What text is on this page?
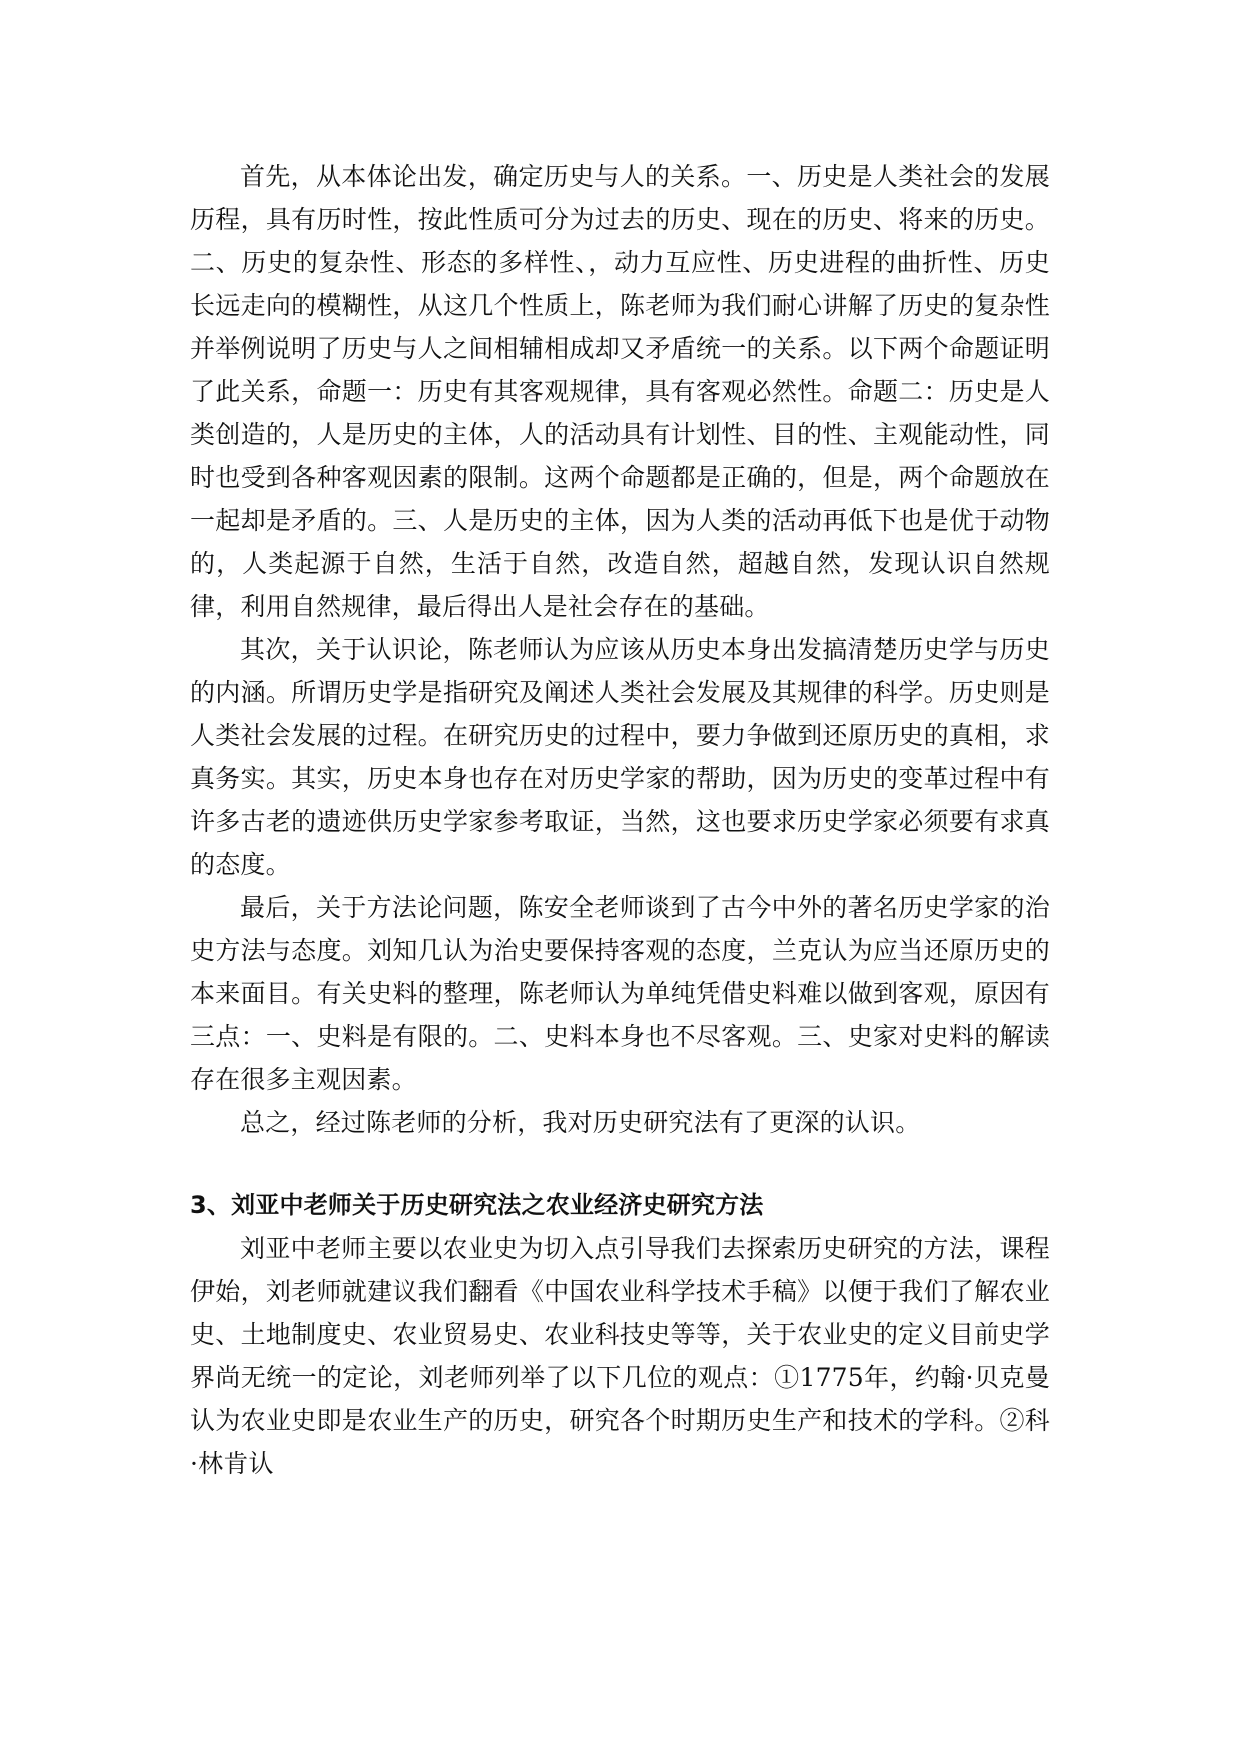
首先，从本体论出发，确定历史与人的关系。一、历史是人类社会的发展历程，具有历时性，按此性质可分为过去的历史、现在的历史、将来的历史。二、历史的复杂性、形态的多样性、，动力互应性、历史进程的曲折性、历史长远走向的模糊性，从这几个性质上，陈老师为我们耐心讲解了历史的复杂性并举例说明了历史与人之间相辅相成却又矛盾统一的关系。以下两个命题证明了此关系，命题一：历史有其客观规律，具有客观必然性。命题二：历史是人类创造的，人是历史的主体，人的活动具有计划性、目的性、主观能动性，同时也受到各种客观因素的限制。这两个命题都是正确的，但是，两个命题放在一起却是矛盾的。三、人是历史的主体，因为人类的活动再低下也是优于动物的，人类起源于自然，生活于自然，改造自然，超越自然，发现认识自然规律，利用自然规律，最后得出人是社会存在的基础。

其次，关于认识论，陈老师认为应该从历史本身出发搞清楚历史学与历史的内涵。所谓历史学是指研究及阐述人类社会发展及其规律的科学。历史则是人类社会发展的过程。在研究历史的过程中，要力争做到还原历史的真相，求真务实。其实，历史本身也存在对历史学家的帮助，因为历史的变革过程中有许多古老的遗迹供历史学家参考取证，当然，这也要求历史学家必须要有求真的态度。

最后，关于方法论问题，陈安全老师谈到了古今中外的著名历史学家的治史方法与态度。刘知几认为治史要保持客观的态度，兰克认为应当还原历史的本来面目。有关史料的整理，陈老师认为单纯凭借史料难以做到客观，原因有三点：一、史料是有限的。二、史料本身也不尽客观。三、史家对史料的解读存在很多主观因素。

总之，经过陈老师的分析，我对历史研究法有了更深的认识。

3、刘亚中老师关于历史研究法之农业经济史研究方法

刘亚中老师主要以农业史为切入点引导我们去探索历史研究的方法，课程伊始，刘老师就建议我们翻看《中国农业科学技术手稿》以便于我们了解农业史、土地制度史、农业贸易史、农业科技史等等，关于农业史的定义目前史学界尚无统一的定论，刘老师列举了以下几位的观点：①1775年，约翰·贝克曼认为农业史即是农业生产的历史，研究各个时期历史生产和技术的学科。②科·林肯认
